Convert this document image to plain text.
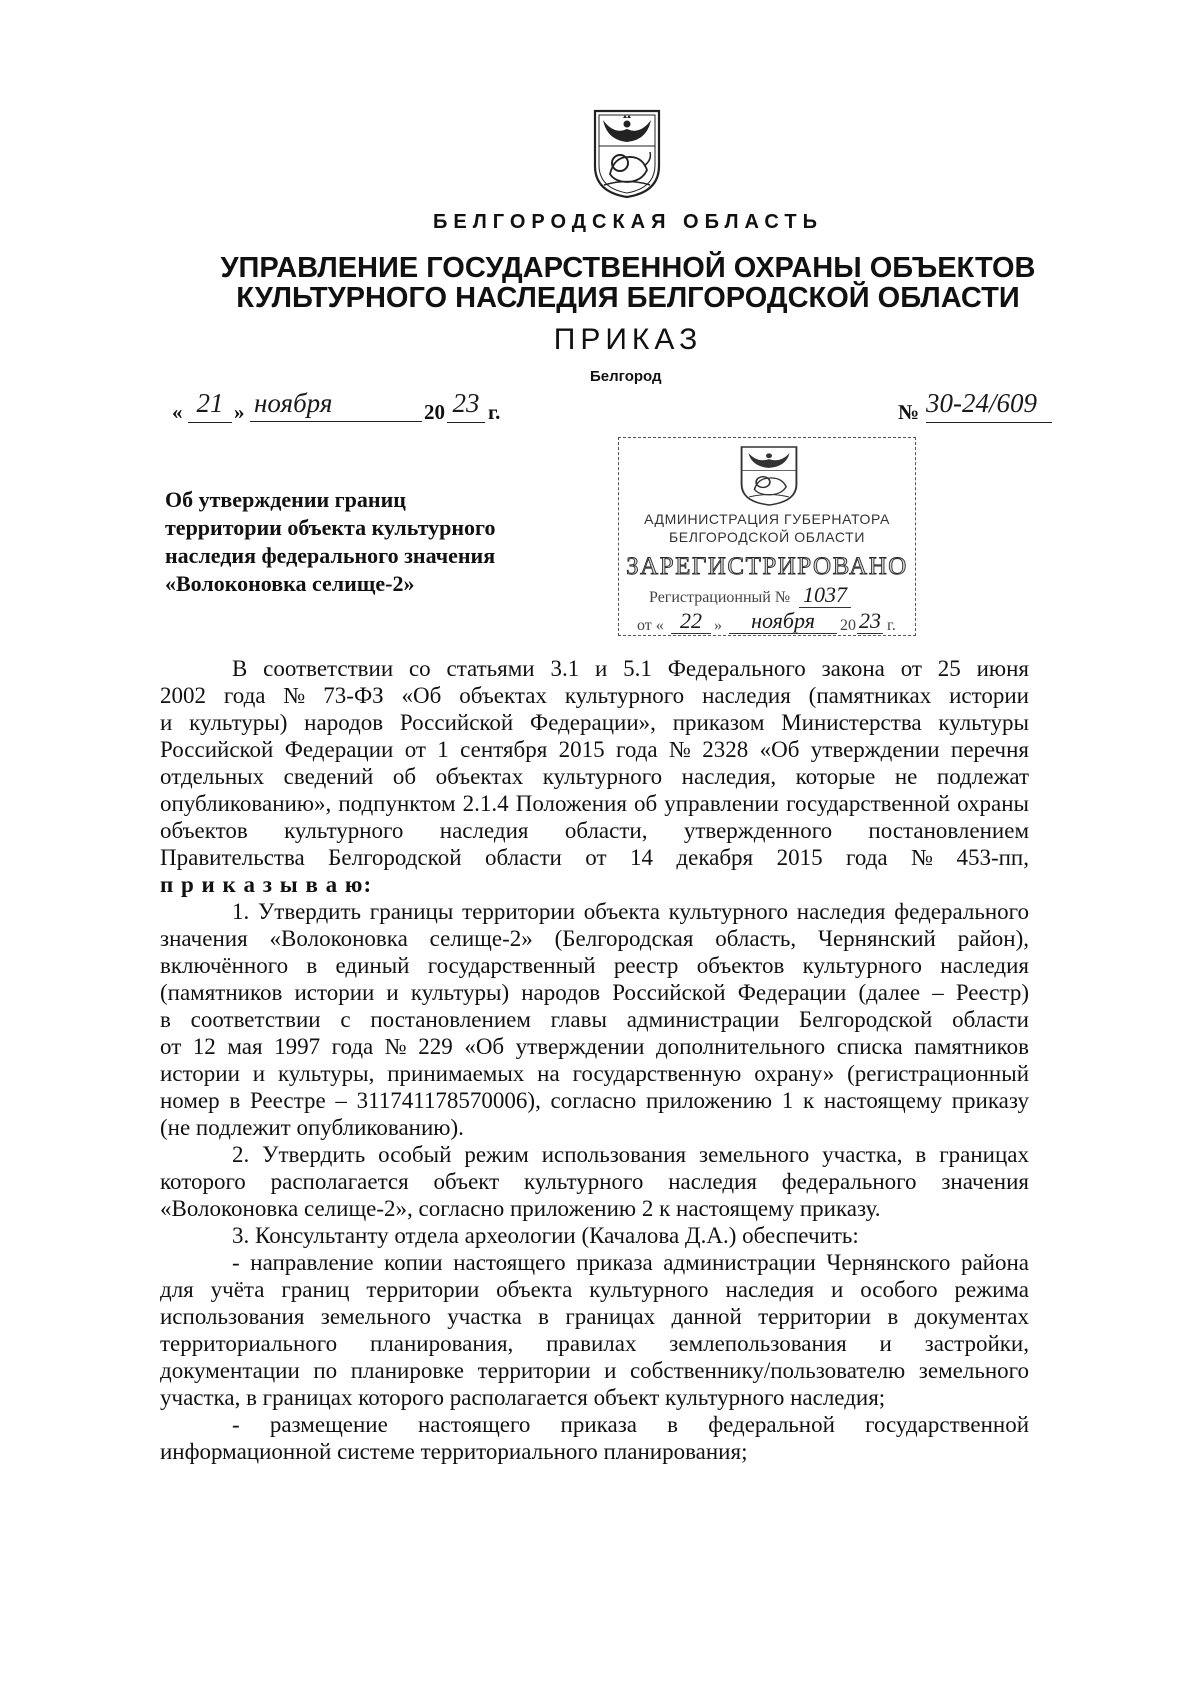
БЕЛГОРОДСКАЯ ОБЛАСТЬ
УПРАВЛЕНИЕ ГОСУДАРСТВЕННОЙ ОХРАНЫ ОБЪЕКТОВ
КУЛЬТУРНОГО НАСЛЕДИЯ БЕЛГОРОДСКОЙ ОБЛАСТИ
ПРИКАЗ
Белгород
« 21 » ноября	20 23 г.	№ 30-24/609
АДМИНИСТРАЦИЯ ГУБЕРНАТОРА
БЕЛГОРОДСКОЙ ОБЛАСТИ
ЗАРЕГИСТРИРОВАНО
Регистрационный № 1037
от « 22 »	ноября	20 23 г.
Об утверждении границ
территории объекта культурного
наследия федерального значения
«Волоконовка селище-2»
В соответствии со статьями 3.1 и 5.1 Федерального закона от 25 июня
2002 года № 73-ФЗ «Об объектах культурного наследия (памятниках истории
и культуры) народов Российской Федерации», приказом Министерства культуры
Российской Федерации от 1 сентября 2015 года № 2328 «Об утверждении перечня
отдельных сведений об объектах культурного наследия, которые не подлежат
опубликованию», подпунктом 2.1.4 Положения об управлении государственной охраны
объектов культурного наследия области, утвержденного постановлением
Правительства Белгородской области от 14 декабря 2015 года № 453-пп,
п р и к а з ы в а ю:
1. Утвердить границы территории объекта культурного наследия федерального
значения «Волоконовка селище-2» (Белгородская область, Чернянский район),
включённого в единый государственный реестр объектов культурного наследия
(памятников истории и культуры) народов Российской Федерации (далее – Реестр)
в соответствии с постановлением главы администрации Белгородской области
от 12 мая 1997 года № 229 «Об утверждении дополнительного списка памятников
истории и культуры, принимаемых на государственную охрану» (регистрационный
номер в Реестре – 311741178570006), согласно приложению 1 к настоящему приказу
(не подлежит опубликованию).
2. Утвердить особый режим использования земельного участка, в границах
которого располагается объект культурного наследия федерального значения
«Волоконовка селище-2», согласно приложению 2 к настоящему приказу.
3. Консультанту отдела археологии (Качалова Д.А.) обеспечить:
- направление копии настоящего приказа администрации Чернянского района
для учёта границ территории объекта культурного наследия и особого режима
использования земельного участка в границах данной территории в документах
территориального планирования, правилах землепользования и застройки,
документации по планировке территории и собственнику/пользователю земельного
участка, в границах которого располагается объект культурного наследия;
- размещение настоящего приказа в федеральной государственной
информационной системе территориального планирования;
